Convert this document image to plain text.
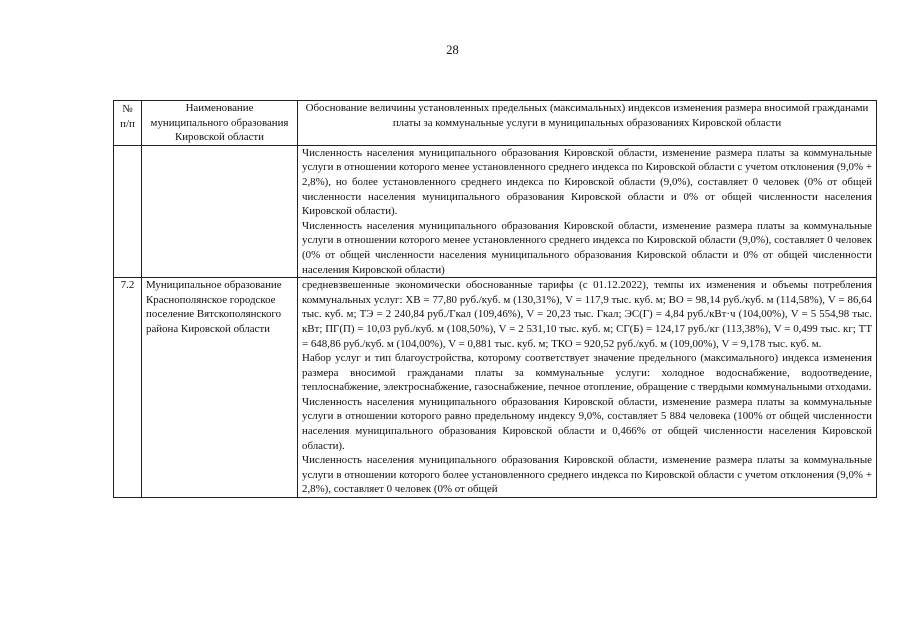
28
№ п/п	Наименование муниципального образования Кировской области	Обоснование величины установленных предельных (максимальных) индексов изменения размера вносимой гражданами платы за коммунальные услуги в муниципальных образованиях Кировской области

		Численность населения муниципального образования Кировской области, изменение размера платы за коммунальные услуги в отношении которого менее установленного среднего индекса по Кировской области с учетом отклонения (9,0% + 2,8%), но более установленного среднего индекса по Кировской области (9,0%), составляет 0 человек (0% от общей численности населения муниципального образования Кировской области и 0% от общей численности населения Кировской области).

Численность населения муниципального образования Кировской области, изменение размера платы за коммунальные услуги в отношении которого менее установленного среднего индекса по Кировской области (9,0%), составляет 0 человек (0% от общей численности населения муниципального образования Кировской области и 0% от общей численности населения Кировской области)

7.2	Муниципальное образование Краснополянское городское поселение Вятскополянского района Кировской области	средневзвешенные экономически обоснованные тарифы (с 01.12.2022), темпы их изменения и объемы потребления коммунальных услуг: ХВ = 77,80 руб./куб. м (130,31%), V = 117,9 тыс. куб. м; ВО = 98,14 руб./куб. м (114,58%), V = 86,64 тыс. куб. м; ТЭ = 2 240,84 руб./Гкал (109,46%), V = 20,23 тыс. Гкал; ЭС(Г) = 4,84 руб./кВт·ч (104,00%), V = 5 554,98 тыс. кВт; ПГ(П) = 10,03 руб./куб. м (108,50%), V = 2 531,10 тыс. куб. м; СГ(Б) = 124,17 руб./кг (113,38%), V = 0,499 тыс. кг; ТТ = 648,86 руб./куб. м (104,00%), V = 0,881 тыс. куб. м; ТКО = 920,52 руб./куб. м (109,00%), V = 9,178 тыс. куб. м.

Набор услуг и тип благоустройства, которому соответствует значение предельного (максимального) индекса изменения размера вносимой гражданами платы за коммунальные услуги: холодное водоснабжение, водоотведение, теплоснабжение, электроснабжение, газоснабжение, печное отопление, обращение с твердыми коммунальными отходами.

Численность населения муниципального образования Кировской области, изменение размера платы за коммунальные услуги в отношении которого равно предельному индексу 9,0%, составляет 5 884 человека (100% от общей численности населения муниципального образования Кировской области и 0,466% от общей численности населения Кировской области).

Численность населения муниципального образования Кировской области, изменение размера платы за коммунальные услуги в отношении которого более установленного среднего индекса по Кировской области с учетом отклонения (9,0% + 2,8%), составляет 0 человек (0% от общей
